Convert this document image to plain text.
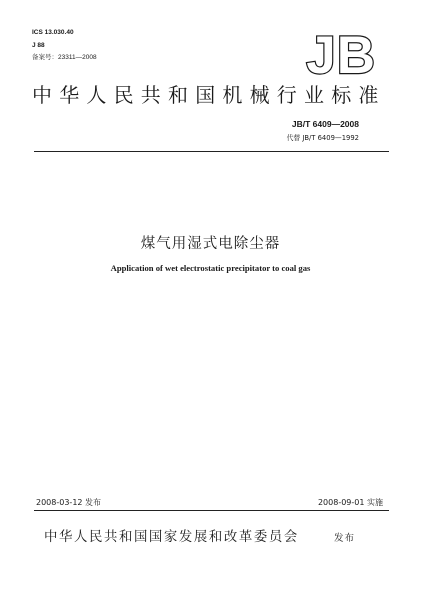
ICS 13.030.40
J 88
备案号：23311—2008	JB
中华人民共和国机械行业标准
JB/T 6409—2008
代替 JB/T 6409—1992
煤气用湿式电除尘器
Application of wet electrostatic precipitator to coal gas
2008-03-12 发布	2008-09-01 实施
中华人民共和国国家发展和改革委员会	发布
